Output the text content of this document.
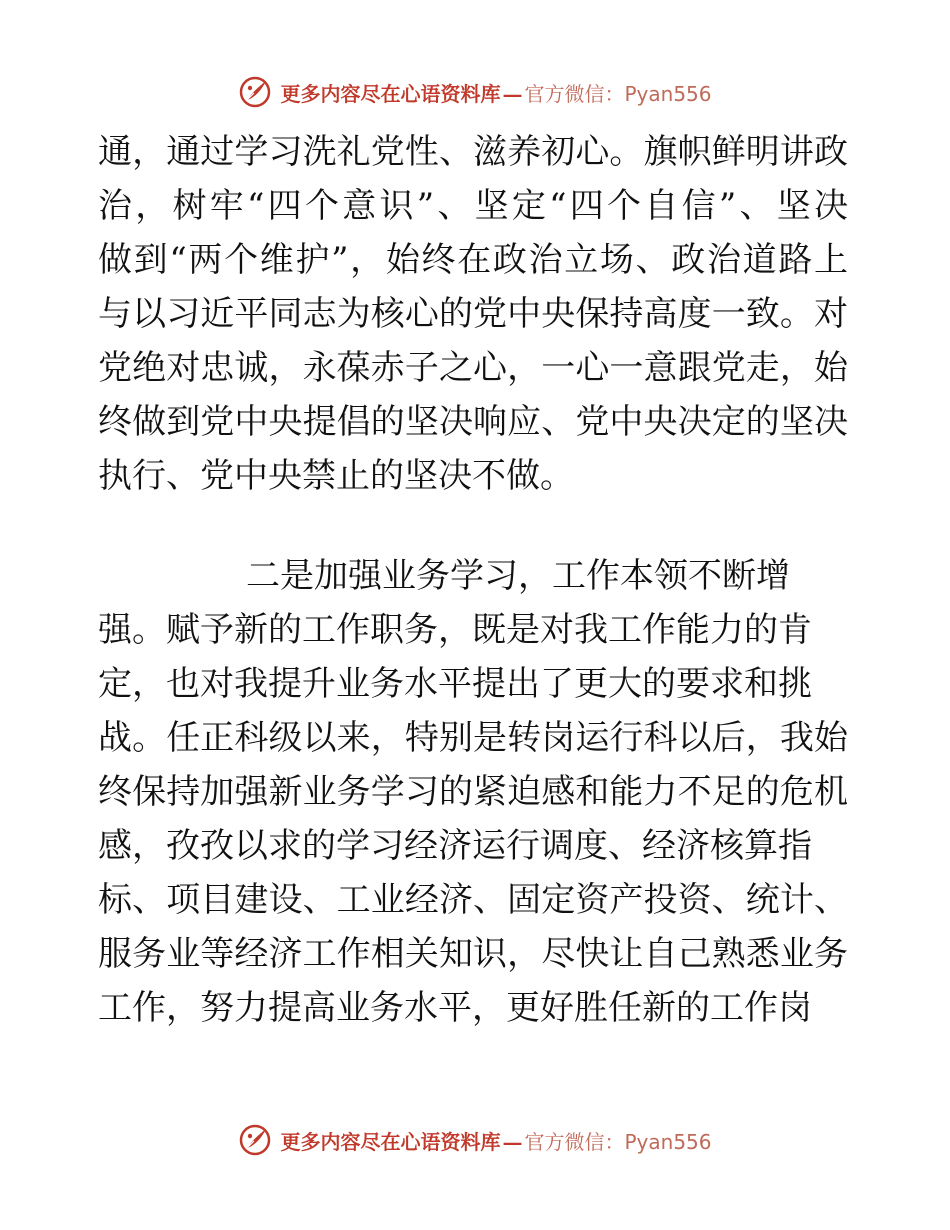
更多内容尽在心语资料库 — 官方微信： Pyan556
通，通过学习洗礼党性、滋养初心。旗帜鲜明讲政
治，树牢“四个意识”、坚定“四个自信”、坚决
做到“两个维护”，始终在政治立场、政治道路上
与以习近平同志为核心的党中央保持高度一致。对
党绝对忠诚，永葆赤子之心，一心一意跟党走，始
终做到党中央提倡的坚决响应、党中央决定的坚决
执行、党中央禁止的坚决不做。
二是加强业务学习，工作本领不断增
强。赋予新的工作职务，既是对我工作能力的肯
定，也对我提升业务水平提出了更大的要求和挑
战。任正科级以来，特别是转岗运行科以后，我始
终保持加强新业务学习的紧迫感和能力不足的危机
感，孜孜以求的学习经济运行调度、经济核算指
标、项目建设、工业经济、固定资产投资、统计、
服务业等经济工作相关知识，尽快让自己熟悉业务
工作，努力提高业务水平，更好胜任新的工作岗
更多内容尽在心语资料库 — 官方微信： Pyan556
